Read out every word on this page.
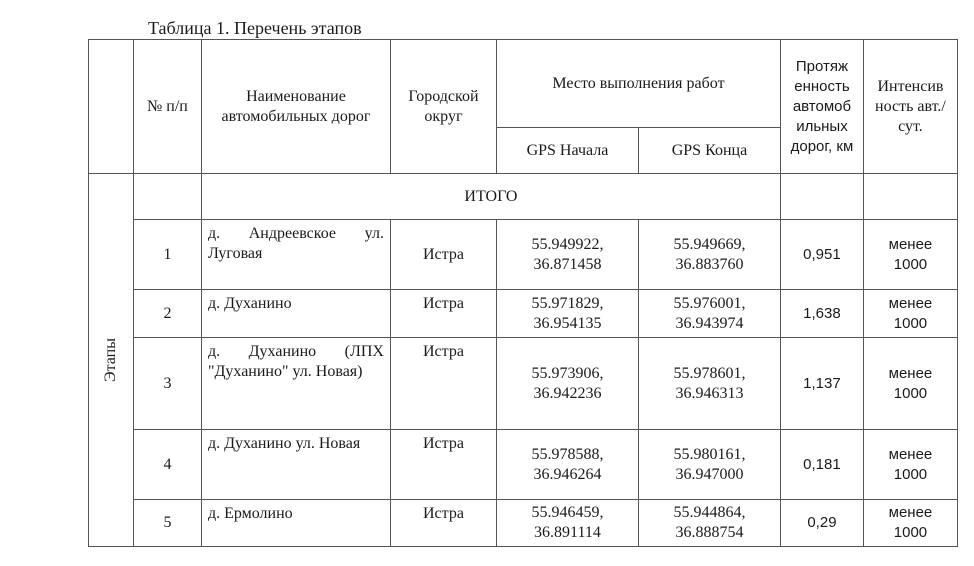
Таблица 1. Перечень этапов
	№ п/п	Наименование автомобильных дорог	Городской округ	Место выполнения работ		Протяж енность автомоб ильных дорог, км	Интенсив ность авт./сут.
				GPS Начала	GPS Конца		
Этапы		ИТОГО					
	1	д. Андреевское ул. Луговая	Истра	55.949922, 36.871458	55.949669, 36.883760	0,951	менее 1000
	2	д. Духанино	Истра	55.971829, 36.954135	55.976001, 36.943974	1,638	менее 1000
	3	д. Духанино (ЛПХ "Духанино" ул. Новая)	Истра	55.973906, 36.942236	55.978601, 36.946313	1,137	менее 1000
	4	д. Духанино ул. Новая	Истра	55.978588, 36.946264	55.980161, 36.947000	0,181	менее 1000
	5	д. Ермолино	Истра	55.946459, 36.891114	55.944864, 36.888754	0,29	менее 1000
